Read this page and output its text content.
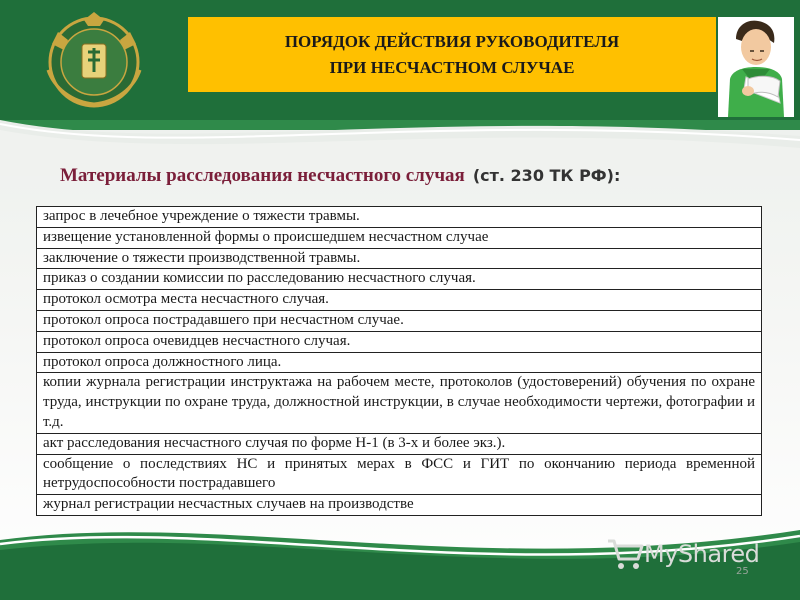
ПОРЯДОК ДЕЙСТВИЯ РУКОВОДИТЕЛЯ ПРИ НЕСЧАСТНОМ СЛУЧАЕ
Материалы расследования несчастного случая (ст. 230 ТК РФ):
запрос в лечебное учреждение о тяжести травмы.
извещение установленной формы о происшедшем несчастном случае
заключение о тяжести производственной травмы.
приказ о создании комиссии по расследованию несчастного случая.
протокол осмотра места несчастного случая.
протокол опроса пострадавшего при несчастном случае.
протокол опроса очевидцев несчастного случая.
протокол опроса должностного лица.
копии журнала регистрации инструктажа на рабочем месте, протоколов (удостоверений) обучения по охране труда, инструкции по охране труда, должностной инструкции, в случае необходимости чертежи, фотографии и т.д.
акт расследования несчастного случая по форме Н-1 (в 3-х и более экз.).
сообщение о последствиях НС и принятых мерах в ФСС и ГИТ по окончанию периода временной нетрудоспособности пострадавшего
журнал регистрации несчастных случаев на производстве
MyShared
25
